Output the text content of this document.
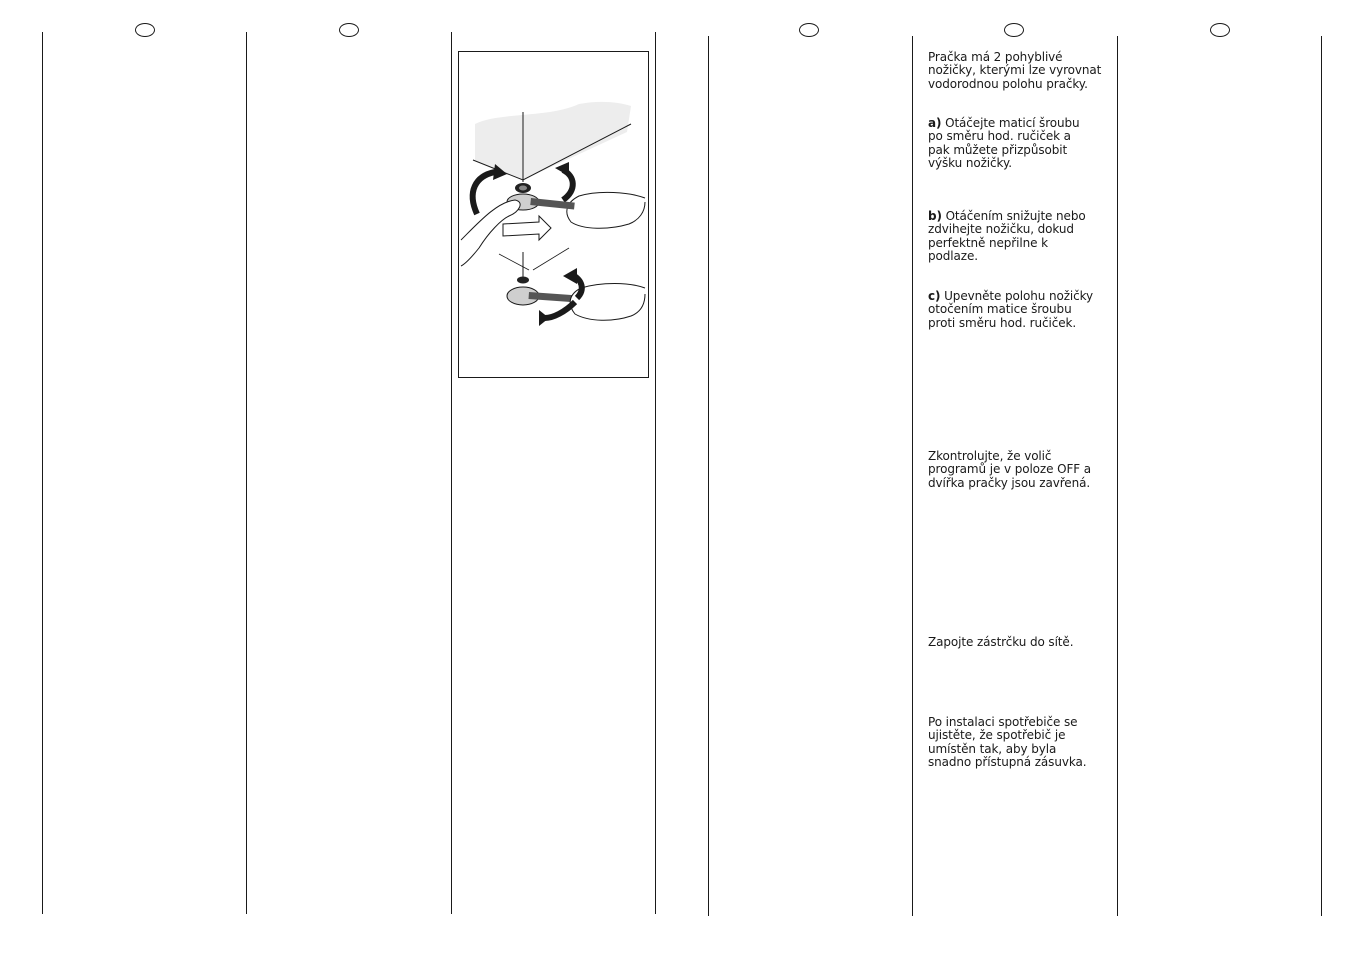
Pračka má 2 pohyblivé
nožičky, kterými lze vyrovnat
vodorodnou polohu pračky.

a) Otáčejte maticí šroubu
po směru hod. ručiček a
pak můžete přizpůsobit
výšku nožičky.

b) Otáčením snižujte nebo
zdvihejte nožičku, dokud
perfektně nepřilne k
podlaze.

c) Upevněte polohu nožičky
otočením matice šroubu
proti směru hod. ručiček.

Zkontrolujte, že volič
programů je v poloze OFF a
dvířka pračky jsou zavřená.

Zapojte zástrčku do sítě.

Po instalaci spotřebiče se
ujistěte, že spotřebič je
umístěn tak, aby byla
snadno přístupná zásuvka.
